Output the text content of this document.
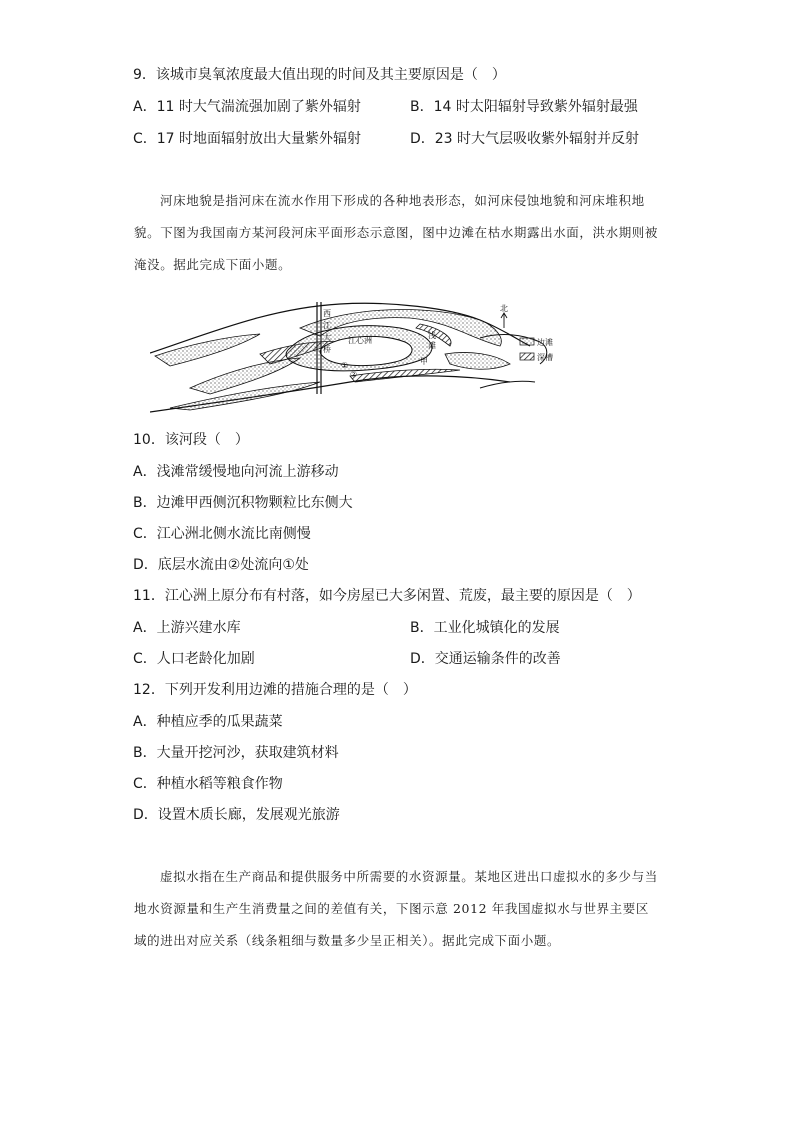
9．该城市臭氧浓度最大值出现的时间及其主要原因是（　）
A．11 时大气湍流强加剧了紫外辐射	B．14 时太阳辐射导致紫外辐射最强
C．17 时地面辐射放出大量紫外辐射	D．23 时大气层吸收紫外辐射并反射

河床地貌是指河床在流水作用下形成的各种地表形态，如河床侵蚀地貌和河床堆积地貌。下图为我国南方某河段河床平面形态示意图，图中边滩在枯水期露出水面，洪水期则被淹没。据此完成下面小题。

西
江
大
桥
江心洲
浅
滩
甲
①
②
北
边滩
深槽
10．该河段（　）
A．浅滩常缓慢地向河流上游移动
B．边滩甲西侧沉积物颗粒比东侧大
C．江心洲北侧水流比南侧慢
D．底层水流由②处流向①处
11．江心洲上原分布有村落，如今房屋已大多闲置、荒废，最主要的原因是（　）
A．上游兴建水库	B．工业化城镇化的发展
C．人口老龄化加剧	D．交通运输条件的改善
12．下列开发利用边滩的措施合理的是（　）
A．种植应季的瓜果蔬菜
B．大量开挖河沙，获取建筑材料
C．种植水稻等粮食作物
D．设置木质长廊，发展观光旅游

虚拟水指在生产商品和提供服务中所需要的水资源量。某地区进出口虚拟水的多少与当地水资源量和生产生消费量之间的差值有关，下图示意 2012 年我国虚拟水与世界主要区域的进出对应关系（线条粗细与数量多少呈正相关）。据此完成下面小题。
